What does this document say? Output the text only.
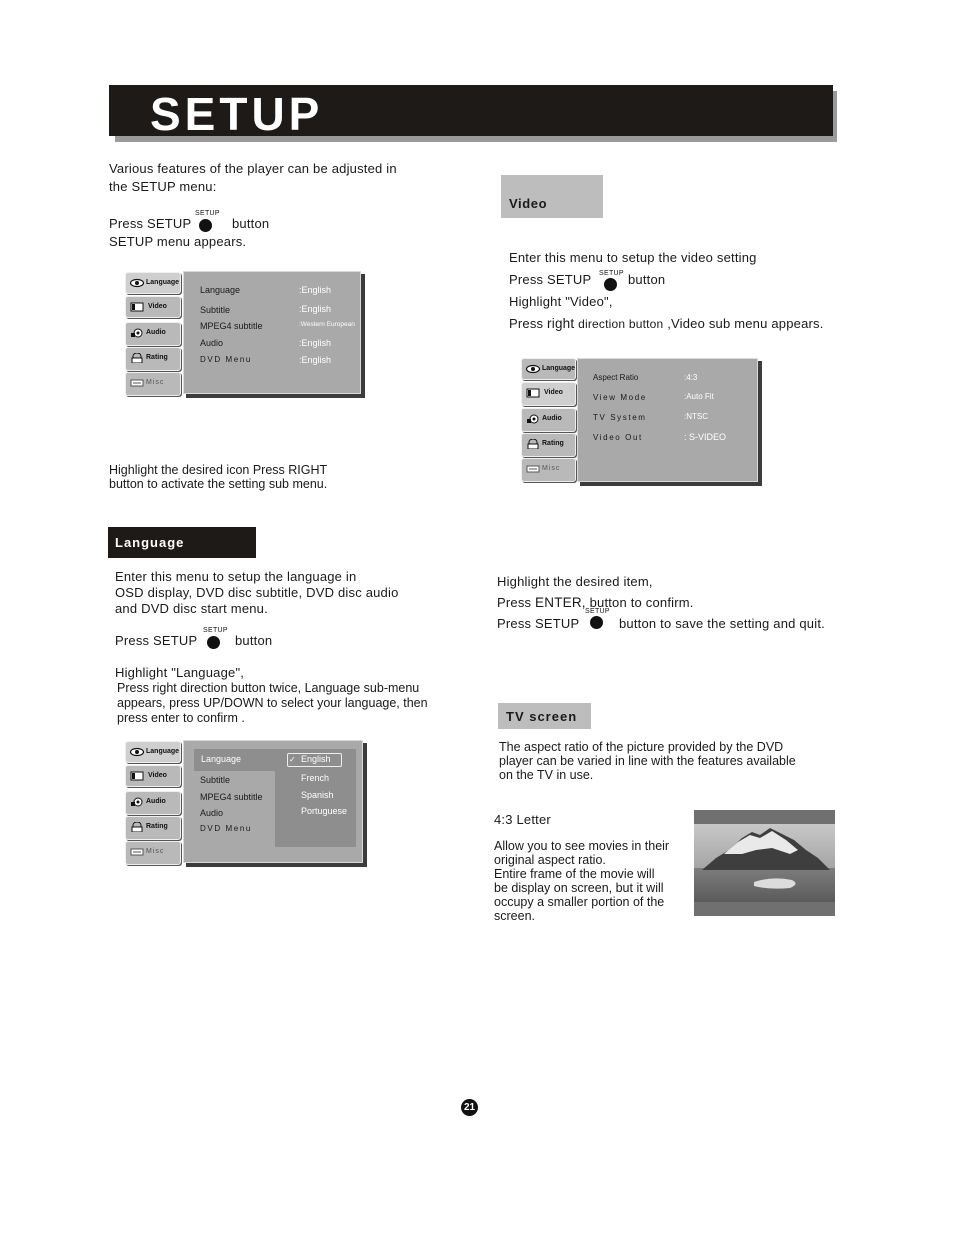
SETUP
Various features of the player can be adjusted in
the SETUP menu:
Press SETUP
SETUP
button
SETUP menu appears.
Language
Video
Audio
Rating
Misc
Language	:English
Subtitle	:English
MPEG4 subtitle	:Western European
Audio	:English
DVD Menu	:English
Highlight the desired icon Press RIGHT
button to activate the setting sub menu.
Language
Enter this menu to setup the language in
OSD display, DVD disc subtitle, DVD disc audio
and DVD disc start menu.
Press SETUP
SETUP
button
Highlight "Language",
Press right direction button twice, Language sub-menu
appears, press UP/DOWN to select your language, then
press enter to confirm .
Language
Video
Audio
Rating
Misc
Language
Subtitle
MPEG4 subtitle
Audio
DVD Menu
✓ English
French
Spanish
Portuguese
Video
Enter this menu to setup the video setting
Press SETUP SETUP button
Highlight "Video",
Press right direction button ,Video sub menu appears.
Language
Video
Audio
Rating
Misc
Aspect Ratio	:4:3
View Mode	:Auto Fit
TV System	:NTSC
Video Out	: S-VIDEO
Highlight the desired item,
Press ENTER, button to confirm.
SETUP
Press SETUP	button to save the setting and quit.
TV screen
The aspect ratio of the picture provided by the DVD
player can be varied in line with the features available
on the TV in use.
4:3 Letter
Allow you to see movies in their
original aspect ratio.
Entire frame of the movie will
be display on screen, but it will
occupy a smaller portion of the
screen.
21
